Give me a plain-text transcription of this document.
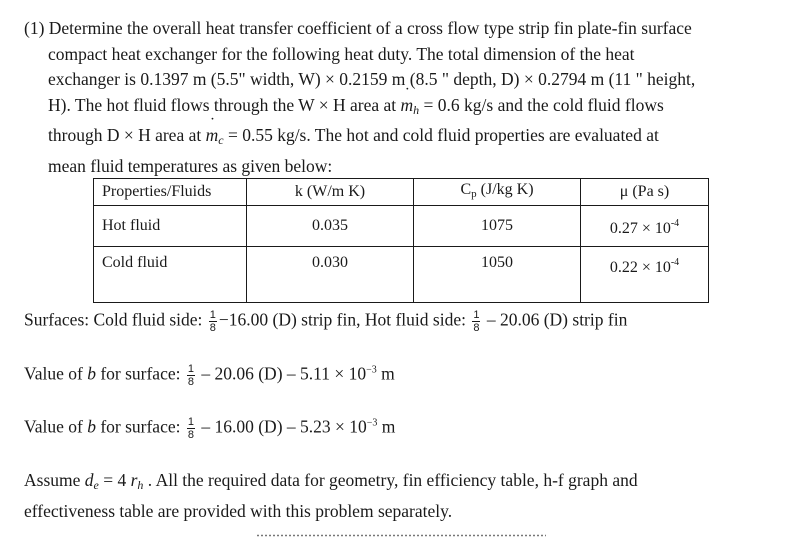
(1) Determine the overall heat transfer coefficient of a cross flow type strip fin plate-fin surface
compact heat exchanger for the following heat duty. The total dimension of the heat
exchanger is 0.1397 m (5.5" width, W) × 0.2159 m (8.5 " depth, D) × 0.2794 m (11 " height,
H). The hot fluid flows through the W × H area at ˙ $m_h = 0.6$ kg/s and the cold fluid flows
through D × H area at ˙ $m_c = 0.55$ kg/s. The hot and cold fluid properties are evaluated at
mean fluid temperatures as given below:
Properties/Fluids	k (W/m K)	$C_p$ (J/kg K)	μ (Pa s)
Hot fluid	0.035	1075	$0.27 \times 10^{-4}$
Cold fluid	0.030	1050	$0.22 \times 10^{-4}$
Surfaces: Cold fluid side: $\frac{1}{8} -16.00$ (D) strip fin, Hot fluid side: $\frac{1}{8} - 20.06$ (D) strip fin
Value of b for surface: $\frac{1}{8} - 20.06$ $(D) - 5.11 \times 10^{-3}$ m
Value of b for surface: $\frac{1}{8} - 16.00$ $(D) - 5.23 \times 10^{-3}$ m
Assume $d_e = 4$ $r_h$ . All the required data for geometry, fin efficiency table, h-f graph and
effectiveness table are provided with this problem separately.
